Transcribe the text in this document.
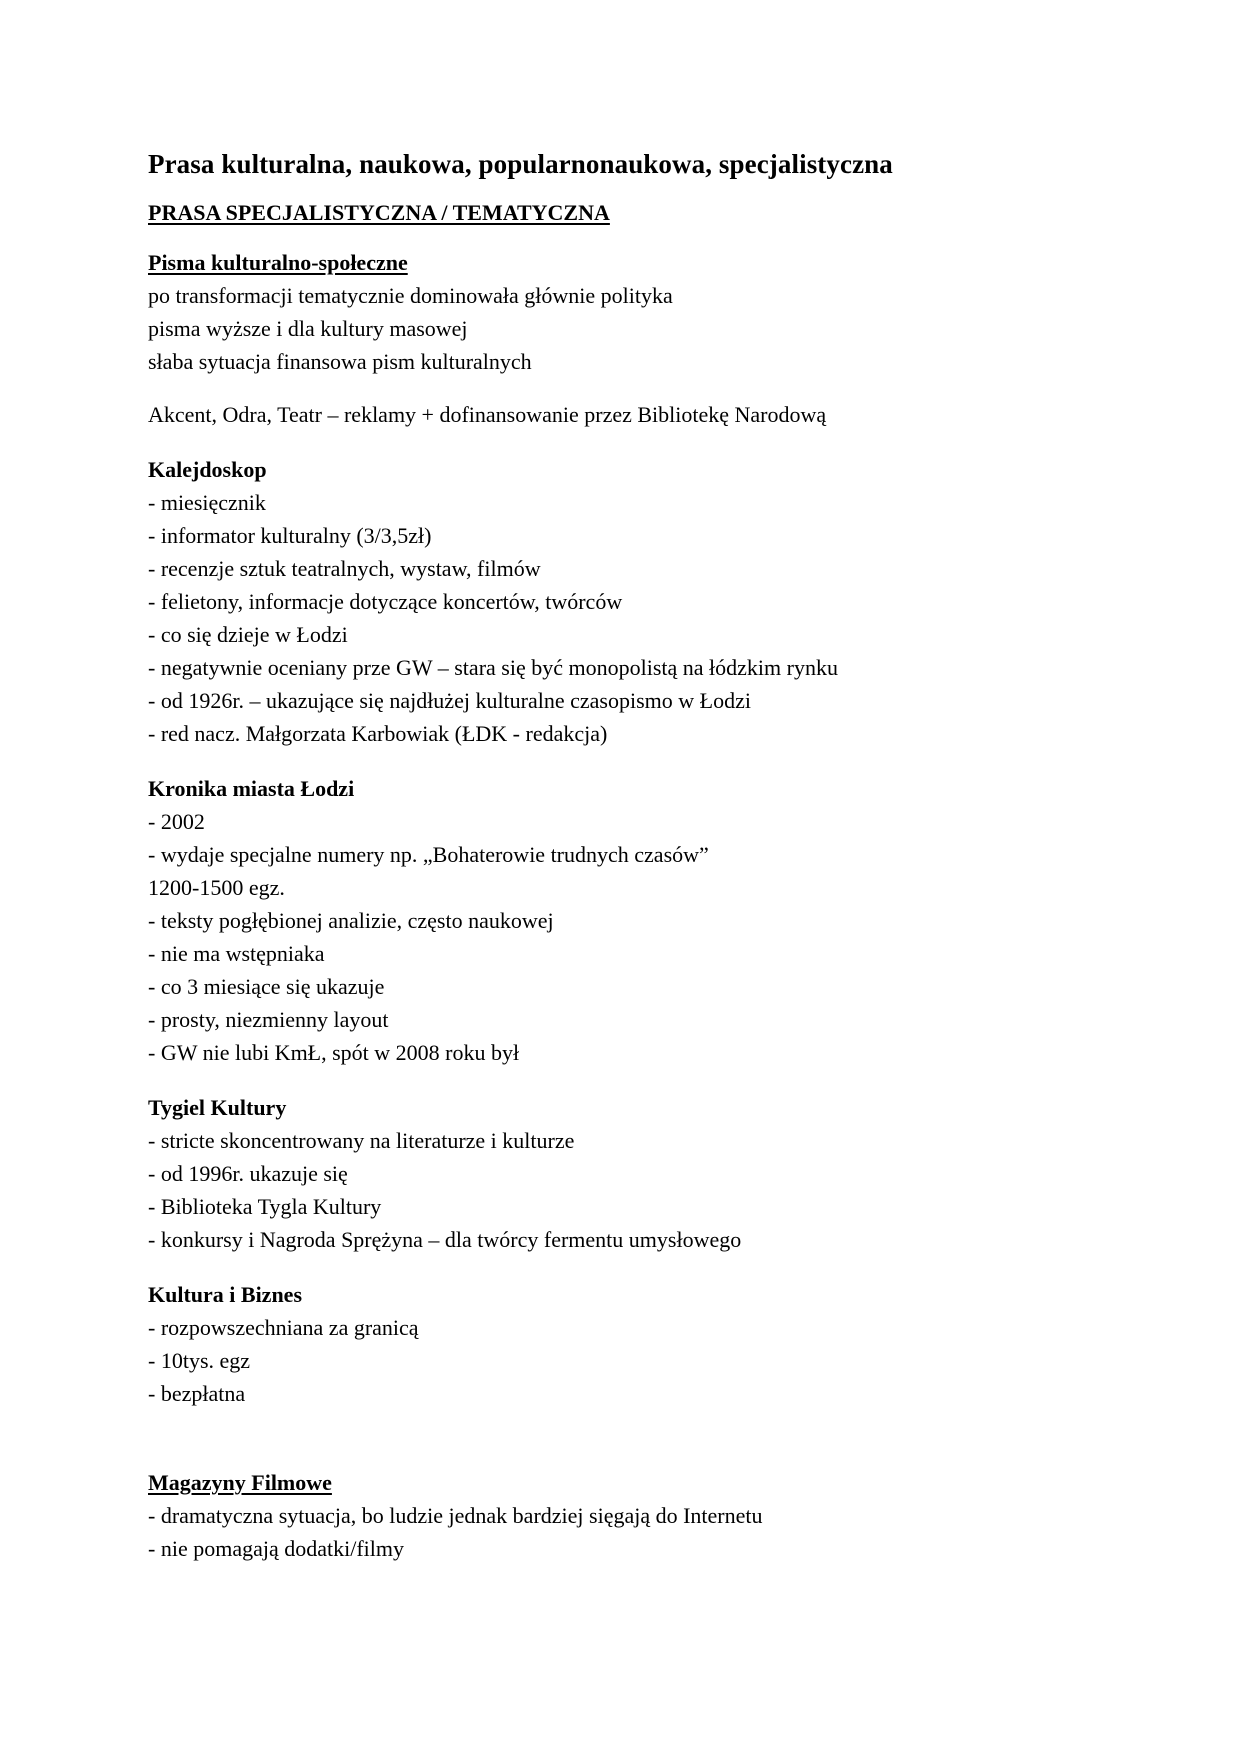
Prasa kulturalna, naukowa, popularnonaukowa, specjalistyczna
PRASA SPECJALISTYCZNA / TEMATYCZNA
Pisma kulturalno-społeczne
po transformacji tematycznie dominowała głównie polityka
pisma wyższe i dla kultury masowej
słaba sytuacja finansowa pism kulturalnych
Akcent, Odra, Teatr – reklamy + dofinansowanie przez Bibliotekę Narodową
Kalejdoskop
- miesięcznik
- informator kulturalny (3/3,5zł)
- recenzje sztuk teatralnych, wystaw, filmów
- felietony, informacje dotyczące koncertów, twórców
- co się dzieje w Łodzi
- negatywnie oceniany prze GW – stara się być monopolistą na łódzkim rynku
- od 1926r. – ukazujące się najdłużej kulturalne czasopismo w Łodzi
- red nacz. Małgorzata Karbowiak (ŁDK - redakcja)
Kronika miasta Łodzi
- 2002
- wydaje specjalne numery np. „Bohaterowie trudnych czasów”
1200-1500 egz.
- teksty pogłębionej analizie, często naukowej
- nie ma wstępniaka
- co 3 miesiące się ukazuje
- prosty, niezmienny layout
- GW nie lubi KmŁ, spót w 2008 roku był
Tygiel Kultury
- stricte skoncentrowany na literaturze i kulturze
- od 1996r. ukazuje się
- Biblioteka Tygla Kultury
- konkursy i Nagroda Sprężyna – dla twórcy fermentu umysłowego
Kultura i Biznes
- rozpowszechniana za granicą
- 10tys. egz
- bezpłatna
Magazyny Filmowe
- dramatyczna sytuacja, bo ludzie jednak bardziej sięgają do Internetu
- nie pomagają dodatki/filmy
